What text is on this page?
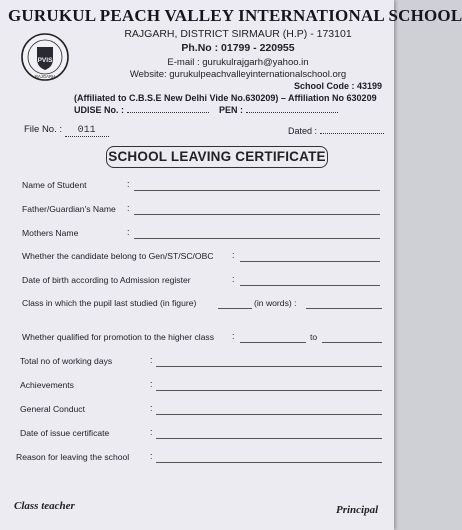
GURUKUL PEACH VALLEY INTERNATIONAL SCHOOL
PVIS
RAJGARH
RAJGARH, DISTRICT SIRMAUR (H.P) - 173101
Ph.No : 01799 - 220955
E-mail : gurukulrajgarh@yahoo.in
Website: gurukulpeachvalleyinternationalschool.org
School Code : 43199
(Affiliated to C.B.S.E New Delhi Vide No.630209) – Affiliation No 630209
UDISE No. :	PEN :
File No. : 011	Dated :
SCHOOL LEAVING CERTIFICATE
Name of Student	:
Father/Guardian's Name :
Mothers Name	:
Whether the candidate belong to Gen/ST/SC/OBC :
Date of birth according to Admission register	:
Class in which the pupil last studied (in figure)	(in words) :
Whether qualified for promotion to the higher class :	to
Total no of working days	:
Achievements	:
General Conduct	:
Date of issue certificate	:
Reason for leaving the school :
Class teacher	Principal
